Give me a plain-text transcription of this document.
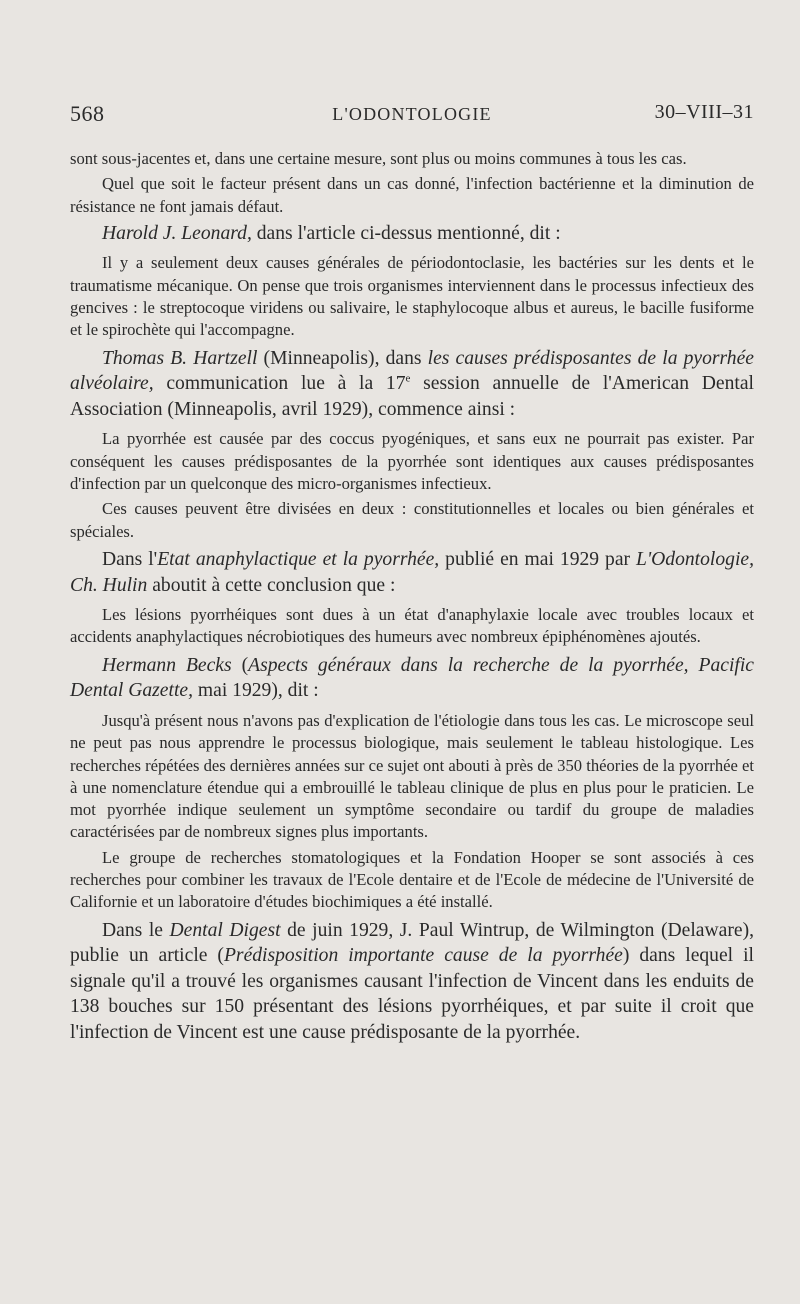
568	L'ODONTOLOGIE	30–VIII–31

sont sous-jacentes et, dans une certaine mesure, sont plus ou moins communes à tous les cas.

Quel que soit le facteur présent dans un cas donné, l'infection bactérienne et la diminution de résistance ne font jamais défaut.

Harold J. Leonard, dans l'article ci-dessus mentionné, dit :

Il y a seulement deux causes générales de périodontoclasie, les bactéries sur les dents et le traumatisme mécanique. On pense que trois organismes interviennent dans le processus infectieux des gencives : le streptocoque viridens ou salivaire, le staphylocoque albus et aureus, le bacille fusiforme et le spirochète qui l'accompagne.

Thomas B. Hartzell (Minneapolis), dans les causes prédisposantes de la pyorrhée alvéolaire, communication lue à la 17e session annuelle de l'American Dental Association (Minneapolis, avril 1929), commence ainsi :

La pyorrhée est causée par des coccus pyogéniques, et sans eux ne pourrait pas exister. Par conséquent les causes prédisposantes de la pyorrhée sont identiques aux causes prédisposantes d'infection par un quelconque des micro-organismes infectieux.

Ces causes peuvent être divisées en deux : constitutionnelles et locales ou bien générales et spéciales.

Dans l'Etat anaphylactique et la pyorrhée, publié en mai 1929 par L'Odontologie, Ch. Hulin aboutit à cette conclusion que :

Les lésions pyorrhéiques sont dues à un état d'anaphylaxie locale avec troubles locaux et accidents anaphylactiques nécrobiotiques des humeurs avec nombreux épiphénomènes ajoutés.

Hermann Becks (Aspects généraux dans la recherche de la pyorrhée, Pacific Dental Gazette, mai 1929), dit :

Jusqu'à présent nous n'avons pas d'explication de l'étiologie dans tous les cas. Le microscope seul ne peut pas nous apprendre le processus biologique, mais seulement le tableau histologique. Les recherches répétées des dernières années sur ce sujet ont abouti à près de 350 théories de la pyorrhée et à une nomenclature étendue qui a embrouillé le tableau clinique de plus en plus pour le praticien. Le mot pyorrhée indique seulement un symptôme secondaire ou tardif du groupe de maladies caractérisées par de nombreux signes plus importants.

Le groupe de recherches stomatologiques et la Fondation Hooper se sont associés à ces recherches pour combiner les travaux de l'Ecole dentaire et de l'Ecole de médecine de l'Université de Californie et un laboratoire d'études biochimiques a été installé.

Dans le Dental Digest de juin 1929, J. Paul Wintrup, de Wilmington (Delaware), publie un article (Prédisposition importante cause de la pyorrhée) dans lequel il signale qu'il a trouvé les organismes causant l'infection de Vincent dans les enduits de 138 bouches sur 150 présentant des lésions pyorrhéiques, et par suite il croit que l'infection de Vincent est une cause prédisposante de la pyorrhée.
